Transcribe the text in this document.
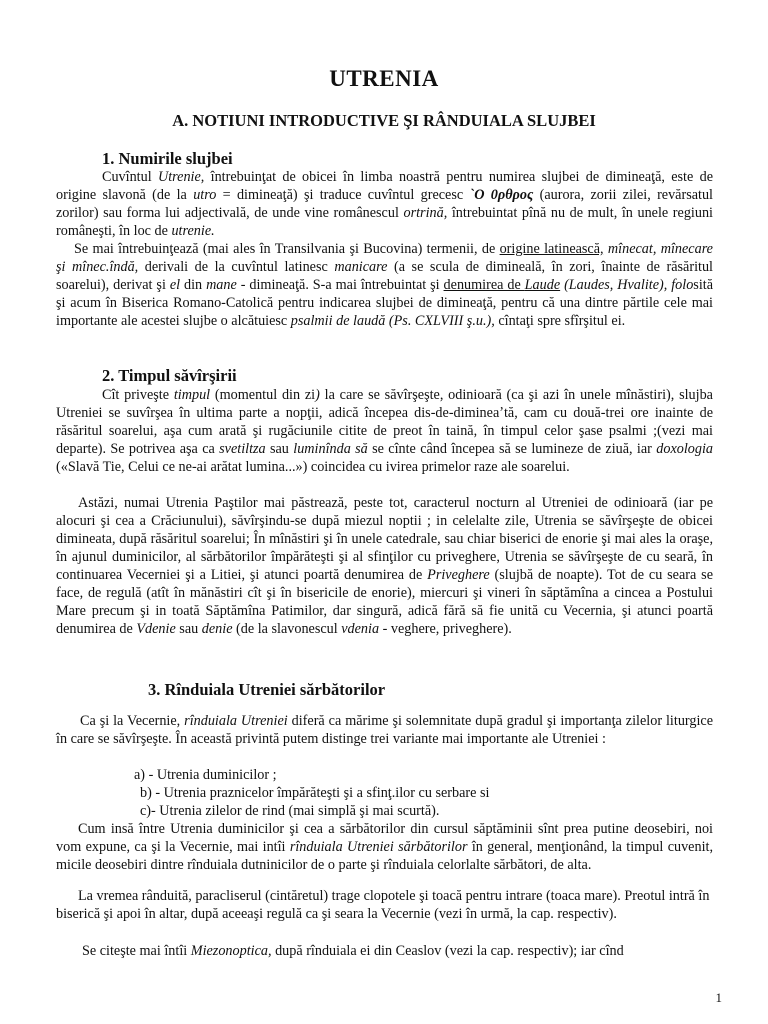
UTRENIA
A. NOTIUNI INTRODUCTIVE ŞI RÂNDUIALA SLUJBEI
1. Numirile slujbei

Cuvîntul Utrenie, întrebuinţat de obicei în limba noastră pentru numirea slujbei de dimineaţă, este de origine slavonă (de la utro = dimineaţă) şi traduce cuvîntul grecesc `O 0ρθρος (aurora, zorii zilei, revărsatul zorilor) sau forma lui adjectivală, de unde vine românescul ortrină, întrebuintat pînă nu de mult, în unele regiuni româneşti, în loc de utrenie.

Se mai întrebuinţează (mai ales în Transilvania şi Bucovina) termenii, de origine latinească, mînecat, mînecare şi mînec.îndă, derivali de la cuvîntul latinesc manicare (a se scula de dimineală, în zori, înainte de răsăritul soarelui), derivat şi el din mane - dimineaţă. S-a mai întrebuintat şi denumirea de Laude (Laudes, Hvalite), folosită şi acum în Biserica Romano-Catolică pentru indicarea slujbei de dimineaţă, pentru că una dintre părtile cele mai importante ale acestei slujbe o alcătuiesc psalmii de laudă (Ps. CXLVIII ş.u.), cîntaţi spre sfîrşitul ei.

2. Timpul săvîrşirii

Cît priveşte timpul (momentul din zi) la care se săvîrşeşte, odinioară (ca şi azi în unele mînăstiri), slujba Utreniei se suvîrşea în ultima parte a nopţii, adică începea dis-de-dimineaʼtă, cam cu două-trei ore inainte de răsăritul soarelui, aşa cum arată şi rugăciunile citite de preot în taină, în timpul celor şase psalmi ;(vezi mai departe). Se potrivea aşa ca svetiltza sau luminînda să se cînte când începea să se lumineze de ziuă, iar doxologia («Slavă Tie, Celui ce ne-ai arătat lumina...») coincidea cu ivirea primelor raze ale soarelui.

Astăzi, numai Utrenia Paştilor mai păstrează, peste tot, caracterul nocturn al Utreniei de odinioară (iar pe alocuri şi cea a Crăciunului), săvîrşindu-se după miezul noptii ; in celelalte zile, Utrenia se săvîrşeşte de obicei dimineata, după răsăritul soarelui; În mînăstiri şi în unele catedrale, sau chiar biserici de enorie şi mai ales la oraşe, în ajunul duminicilor, al sărbătorilor împărăteşti şi al sfinţilor cu priveghere, Utrenia se săvîrşeşte de cu seară, în continuarea Vecerniei şi a Litiei, şi atunci poartă denumirea de Priveghere (slujbă de noapte). Tot de cu seara se face, de regulă (atît în mănăstiri cît şi în bisericile de enorie), miercuri şi vineri în săptămîna a cincea a Postului Mare precum şi in toată Săptămîna Patimilor, dar singură, adică fără să fie unită cu Vecernia, şi atunci poartă denumirea de Vdenie sau denie (de la slavonescul vdenia - veghere, priveghere).

3. Rînduiala Utreniei sărbătorilor

Ca şi la Vecernie, rînduiala Utreniei diferă ca mărime şi solemnitate după gradul şi importanţa zilelor liturgice în care se săvîrşeşte. În această privintă putem distinge trei variante mai importante ale Utreniei :

a) - Utrenia duminicilor ;
b) - Utrenia praznicelor împărăteşti şi a sfinţ.ilor cu serbare si
c)- Utrenia zilelor de rind (mai simplă şi mai scurtă).

Cum insă între Utrenia duminicilor şi cea a sărbătorilor din cursul săptăminii sînt prea putine deosebiri, noi vom expune, ca şi la Vecernie, mai intîi rînduiala Utreniei sărbătorilor în general, menţionând, la timpul cuvenit, micile deosebiri dintre rînduiala dutninicilor de o parte şi rînduiala celorlalte sărbători, de alta.

La vremea rânduită, paracliserul (cintăretul) trage clopotele şi toacă pentru intrare (toaca mare). Preotul intră în biserică şi apoi în altar, după aceeaşi regulă ca şi seara la Vecernie (vezi în urmă, la cap. respectiv).

Se citeşte mai întîi Miezonoptica, după rînduiala ei din Ceaslov (vezi la cap. respectiv); iar cînd

1
